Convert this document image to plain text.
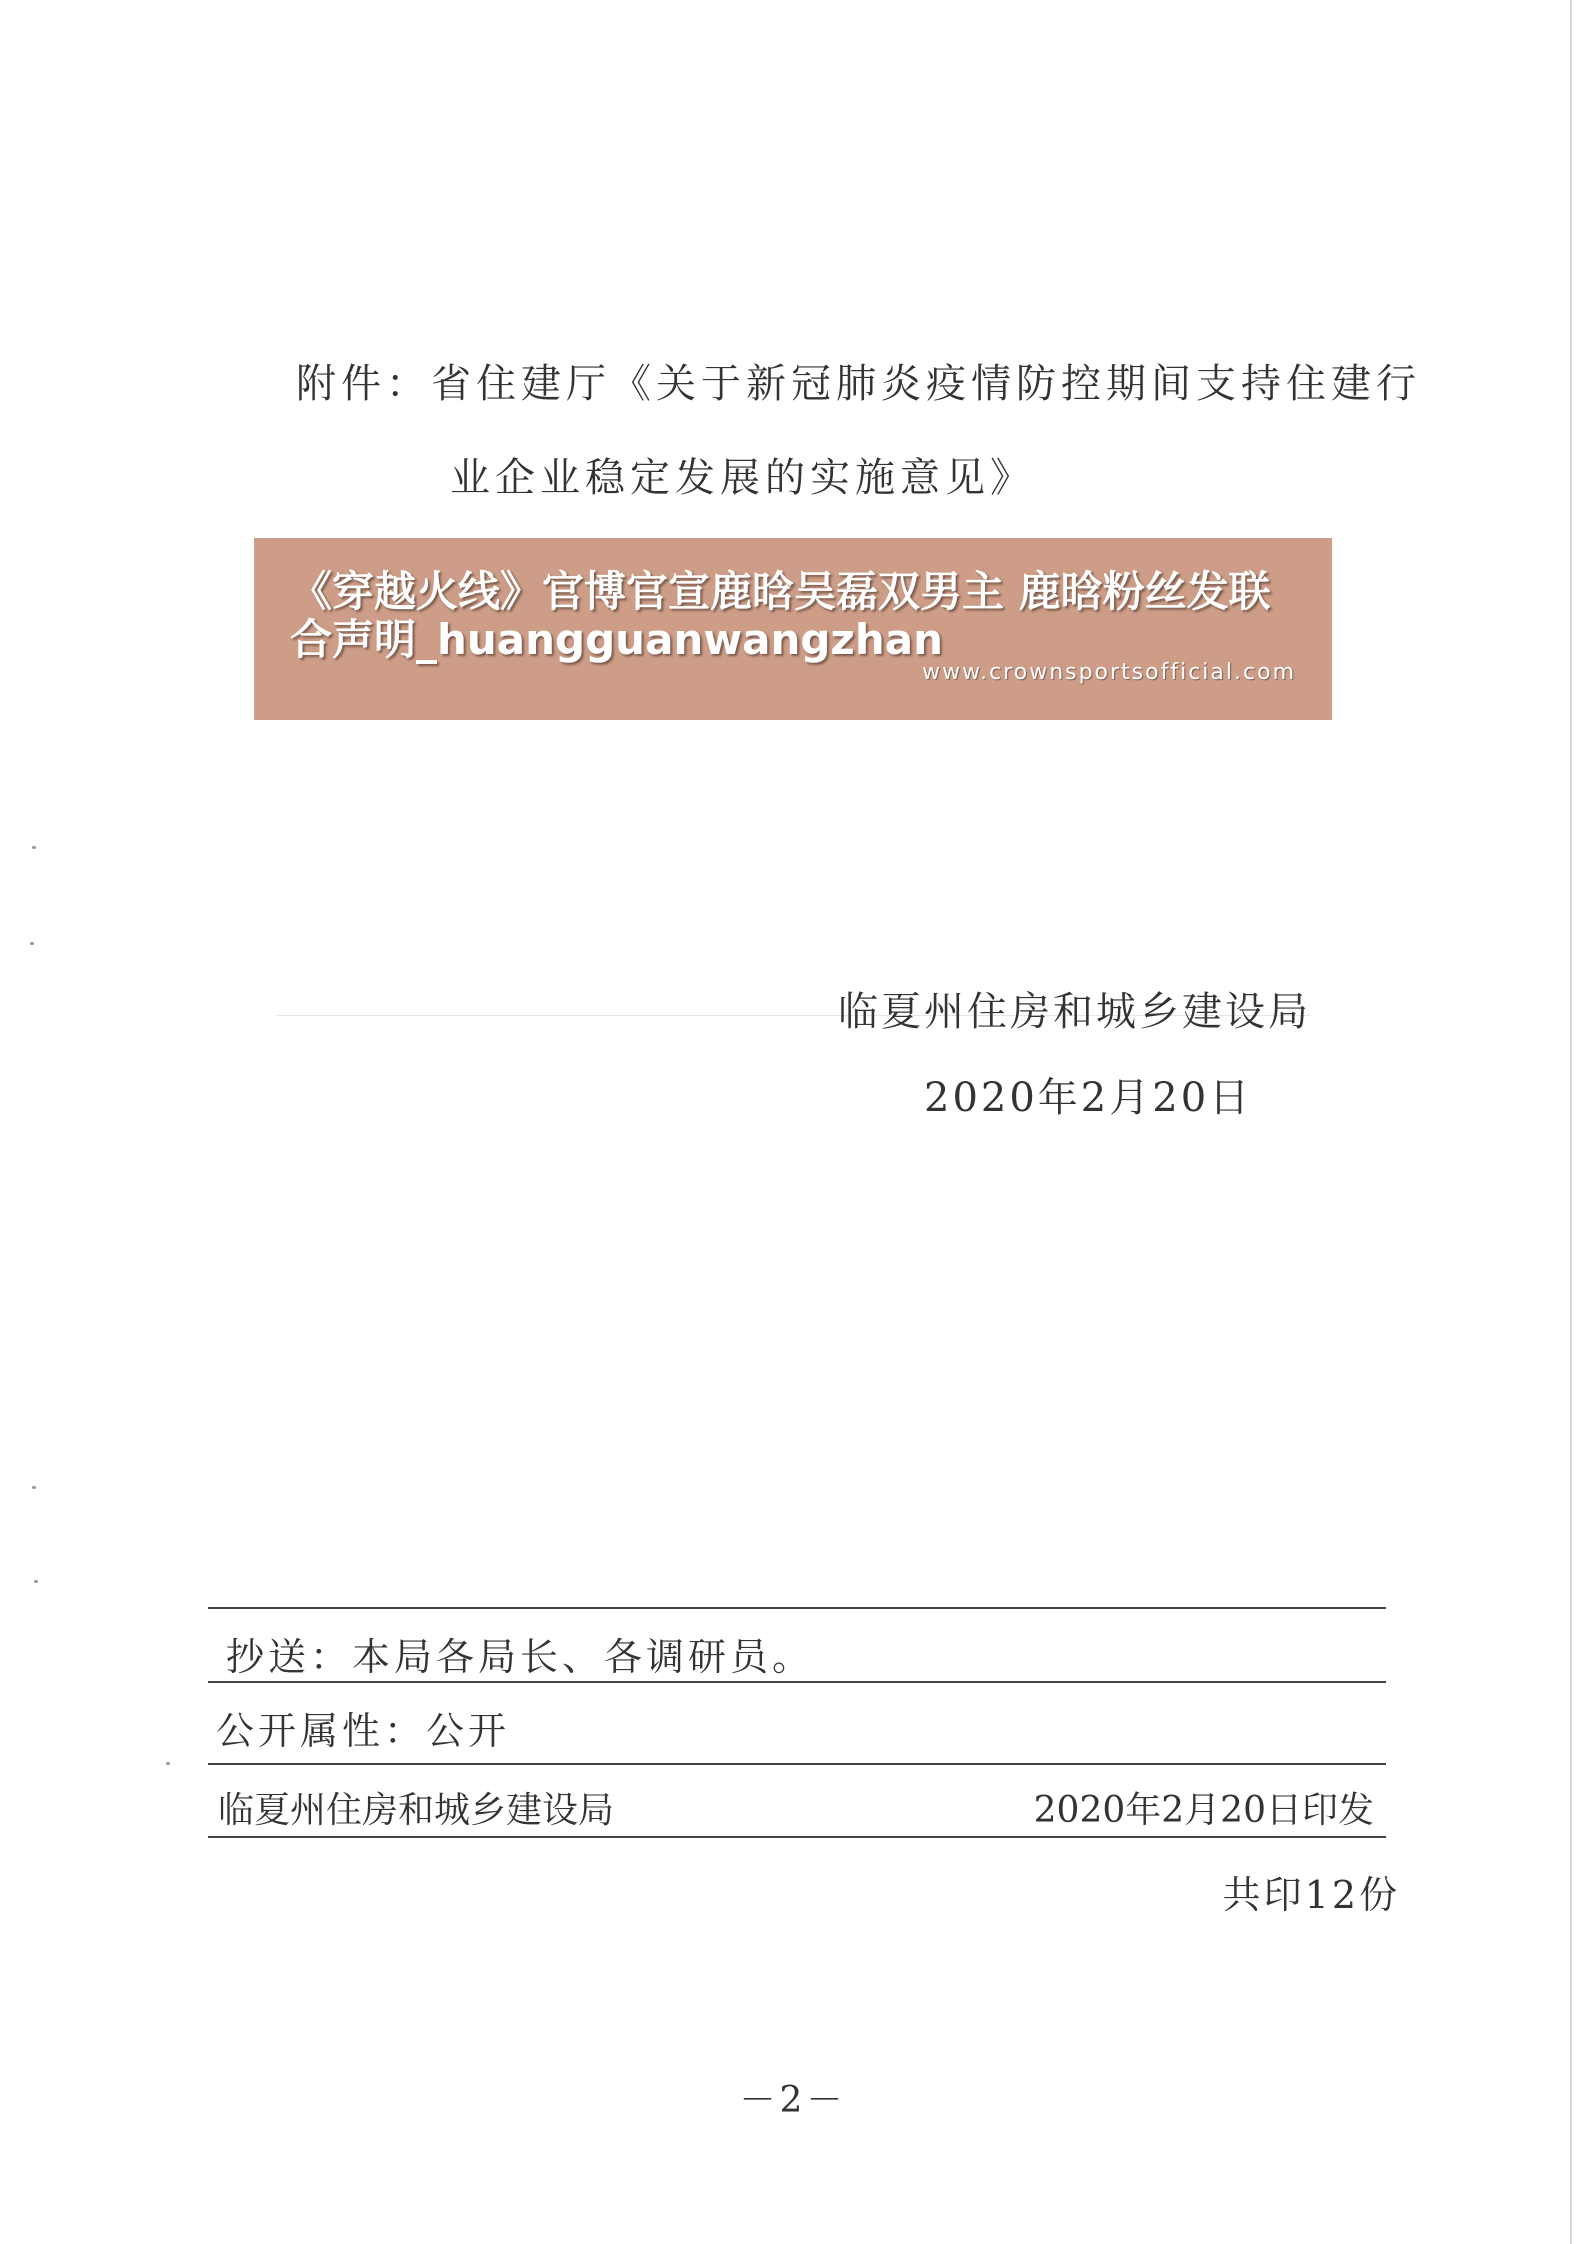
附件：省住建厅《关于新冠肺炎疫情防控期间支持住建行
业企业稳定发展的实施意见》
《穿越火线》官博官宣鹿晗吴磊双男主 鹿晗粉丝发联合声明_huangguanwangzhan
www.crownsportsofficial.com
临夏州住房和城乡建设局
2020年2月20日
抄送：本局各局长、各调研员。
公开属性：公开
临夏州住房和城乡建设局	2020年2月20日印发
共印12份
－2－
